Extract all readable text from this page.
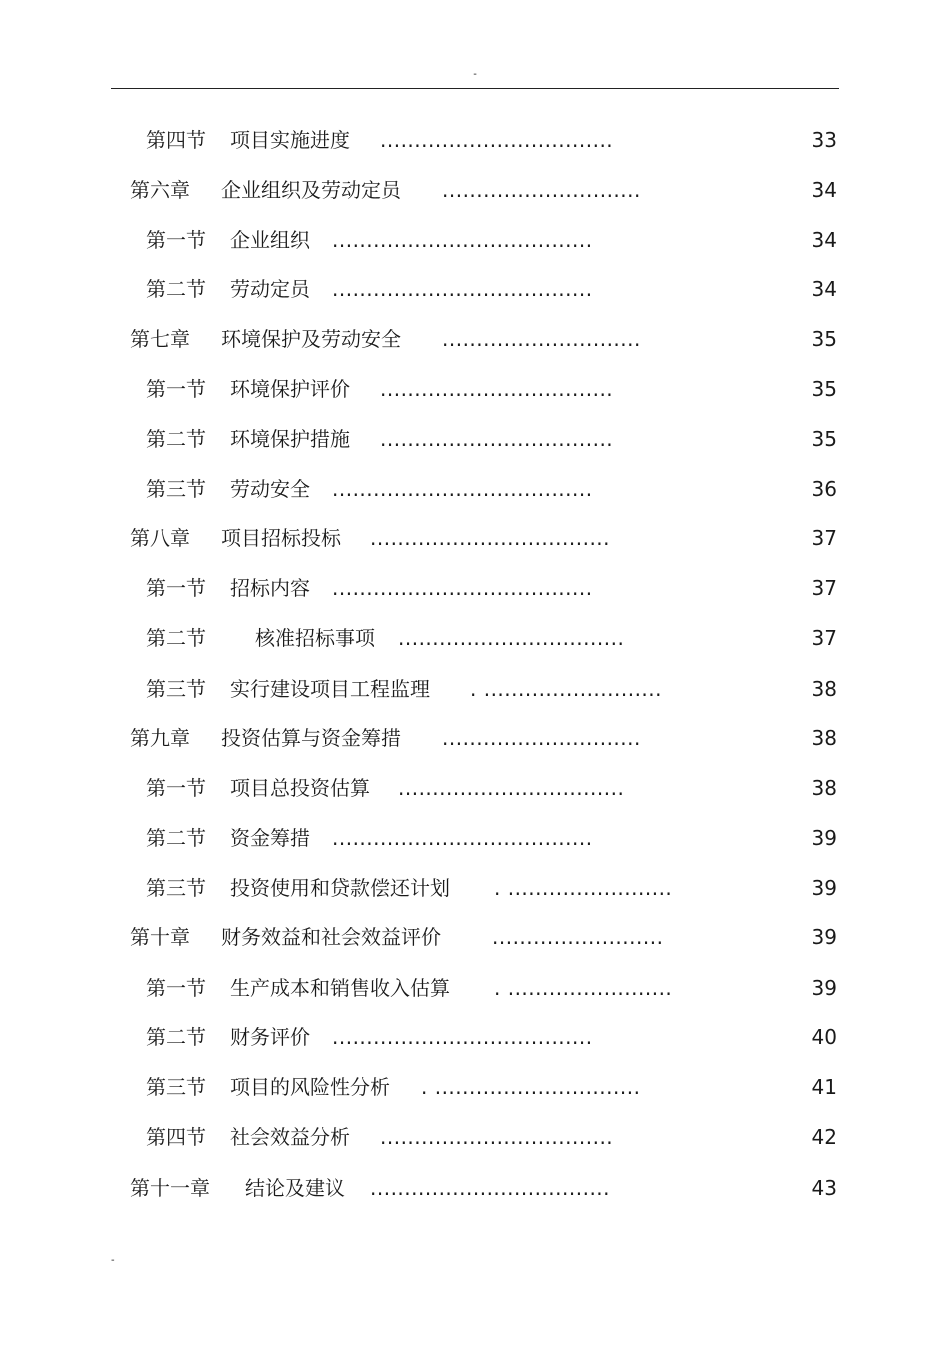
-
第四节 项目实施进度 ..................................	33
第六章 企业组织及劳动定员 .............................	34
第一节 企业组织 ......................................	34
第二节 劳动定员 ......................................	34
第七章 环境保护及劳动安全 .............................	35
第一节 环境保护评价 ..................................	35
第二节 环境保护措施 ..................................	35
第三节 劳动安全 ......................................	36
第八章 项目招标投标 ...................................	37
第一节 招标内容 ......................................	37
第二节 核准招标事项 .................................	37
第三节 实行建设项目工程监理 . ..........................	38
第九章 投资估算与资金筹措 .............................	38
第一节 项目总投资估算 .................................	38
第二节 资金筹措 ......................................	39
第三节 投资使用和贷款偿还计划 . ........................	39
第十章 财务效益和社会效益评价	.........................	39
第一节 生产成本和销售收入估算 . ........................	39
第二节 财务评价 ......................................	40
第三节 项目的风险性分析 . ..............................	41
第四节 社会效益分析 ..................................	42
第十一章 结论及建议 ...................................	43
-
